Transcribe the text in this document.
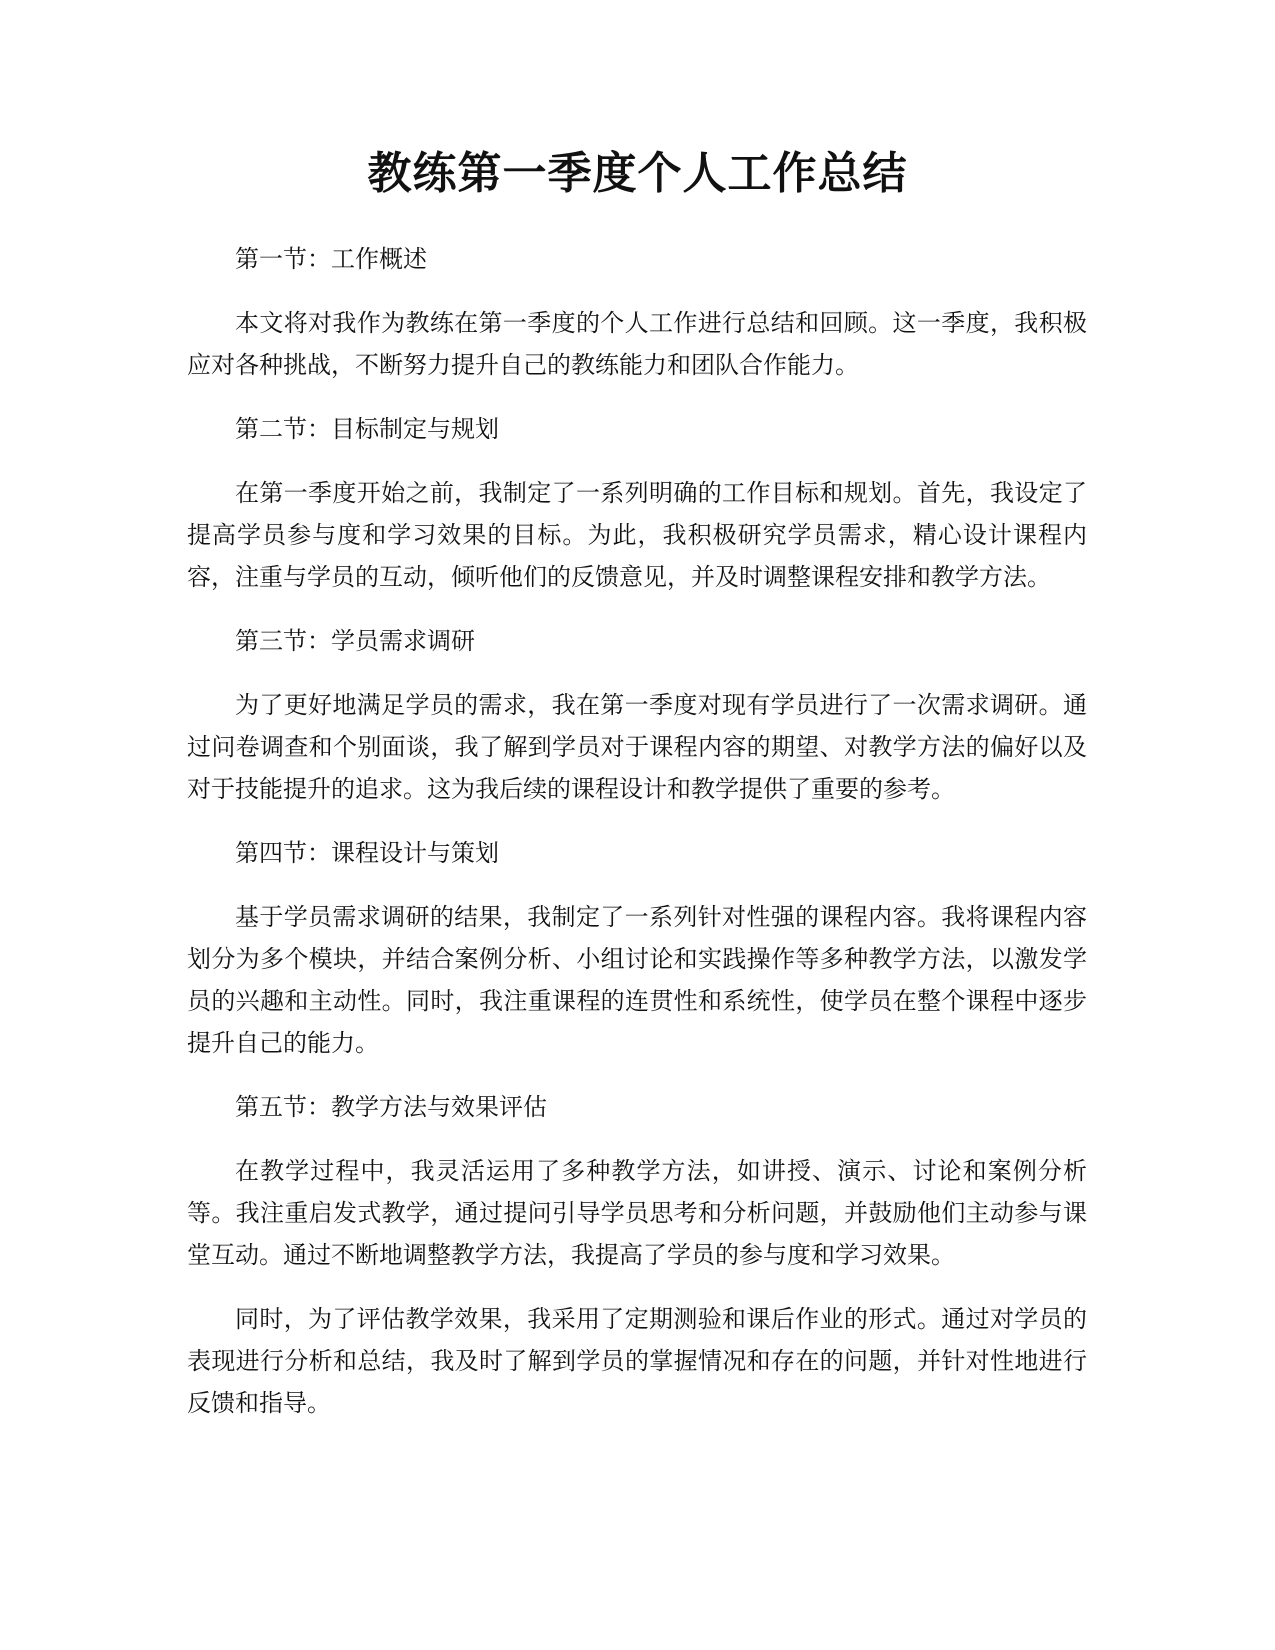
教练第一季度个人工作总结

第一节：工作概述

本文将对我作为教练在第一季度的个人工作进行总结和回顾。这一季度，我积极应对各种挑战，不断努力提升自己的教练能力和团队合作能力。

第二节：目标制定与规划

在第一季度开始之前，我制定了一系列明确的工作目标和规划。首先，我设定了提高学员参与度和学习效果的目标。为此，我积极研究学员需求，精心设计课程内容，注重与学员的互动，倾听他们的反馈意见，并及时调整课程安排和教学方法。

第三节：学员需求调研

为了更好地满足学员的需求，我在第一季度对现有学员进行了一次需求调研。通过问卷调查和个别面谈，我了解到学员对于课程内容的期望、对教学方法的偏好以及对于技能提升的追求。这为我后续的课程设计和教学提供了重要的参考。

第四节：课程设计与策划

基于学员需求调研的结果，我制定了一系列针对性强的课程内容。我将课程内容划分为多个模块，并结合案例分析、小组讨论和实践操作等多种教学方法，以激发学员的兴趣和主动性。同时，我注重课程的连贯性和系统性，使学员在整个课程中逐步提升自己的能力。

第五节：教学方法与效果评估

在教学过程中，我灵活运用了多种教学方法，如讲授、演示、讨论和案例分析等。我注重启发式教学，通过提问引导学员思考和分析问题，并鼓励他们主动参与课堂互动。通过不断地调整教学方法，我提高了学员的参与度和学习效果。

同时，为了评估教学效果，我采用了定期测验和课后作业的形式。通过对学员的表现进行分析和总结，我及时了解到学员的掌握情况和存在的问题，并针对性地进行反馈和指导。
